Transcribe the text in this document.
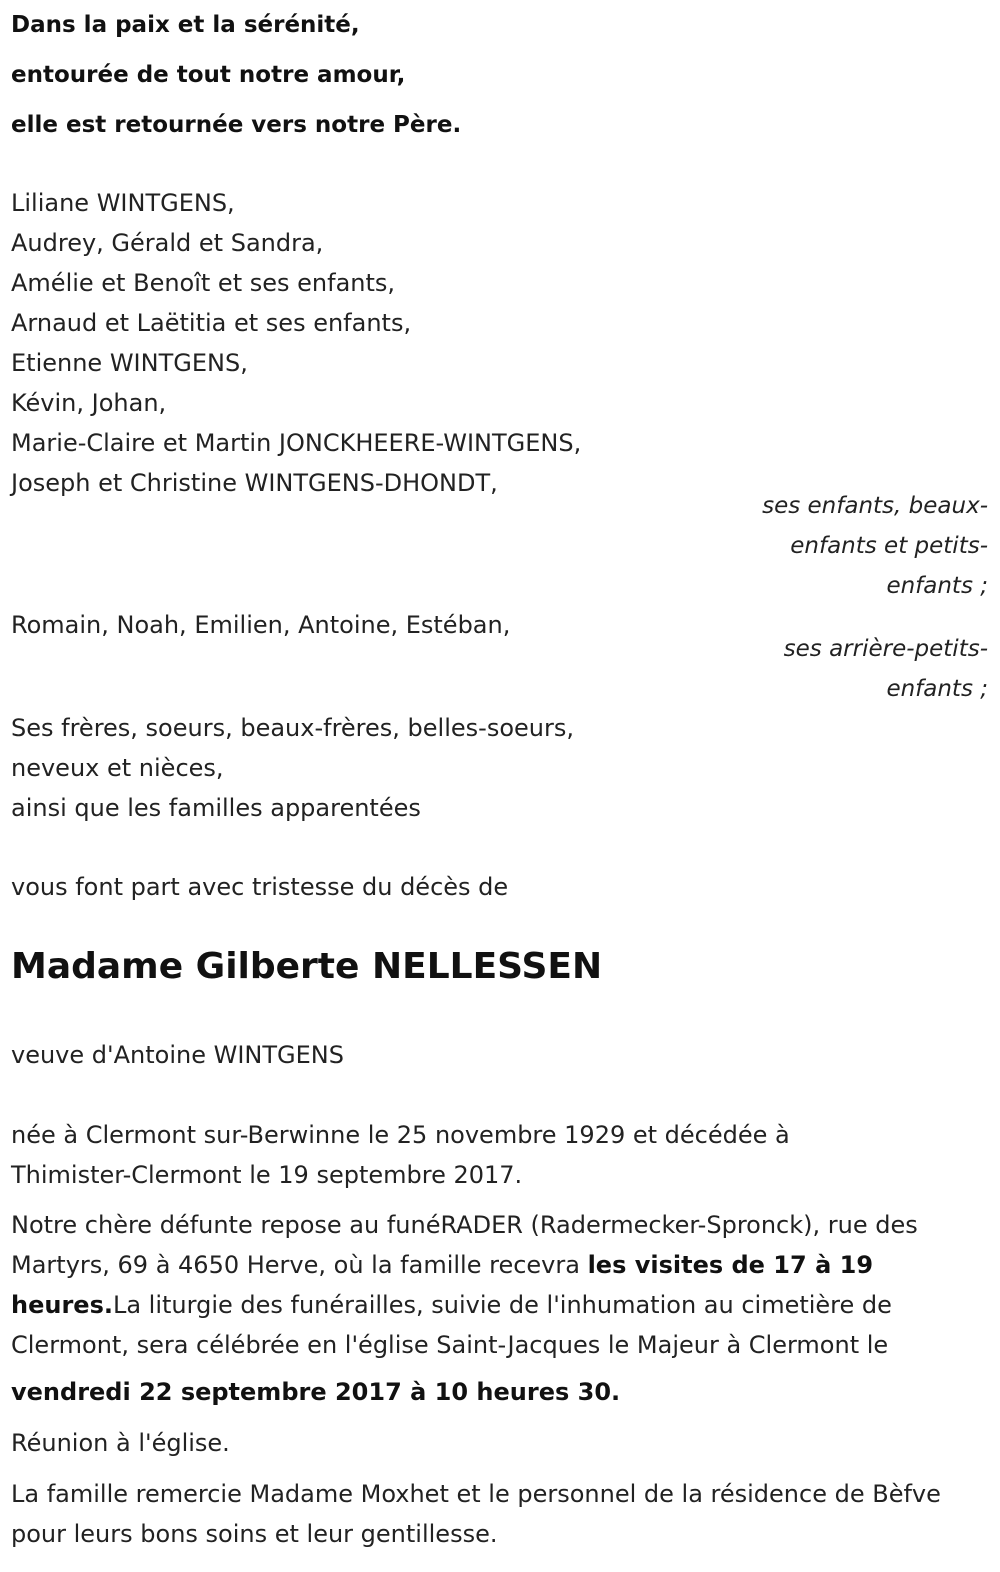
Dans la paix et la sérénité,
entourée de tout notre amour,
elle est retournée vers notre Père.
Liliane WINTGENS,
Audrey, Gérald et Sandra,
Amélie et Benoît et ses enfants,
Arnaud et Laëtitia et ses enfants,
Etienne WINTGENS,
Kévin, Johan,
Marie-Claire et Martin JONCKHEERE-WINTGENS,
Joseph et Christine WINTGENS-DHONDT,
ses enfants, beaux-
enfants et petits-
enfants ;
Romain, Noah, Emilien, Antoine, Estéban,
ses arrière-petits-
enfants ;
Ses frères, soeurs, beaux-frères, belles-soeurs,
neveux et nièces,
ainsi que les familles apparentées
vous font part avec tristesse du décès de
Madame Gilberte NELLESSEN
veuve d'Antoine WINTGENS
née à Clermont sur-Berwinne le 25 novembre 1929 et décédée à
Thimister-Clermont le 19 septembre 2017.
Notre chère défunte repose au funéRADER (Radermecker-Spronck), rue des Martyrs, 69 à 4650 Herve, où la famille recevra les visites de 17 à 19 heures.La liturgie des funérailles, suivie de l'inhumation au cimetière de Clermont, sera célébrée en l'église Saint-Jacques le Majeur à Clermont le
vendredi 22 septembre 2017 à 10 heures 30.
Réunion à l'église.
La famille remercie Madame Moxhet et le personnel de la résidence de Bèfve pour leurs bons soins et leur gentillesse.
